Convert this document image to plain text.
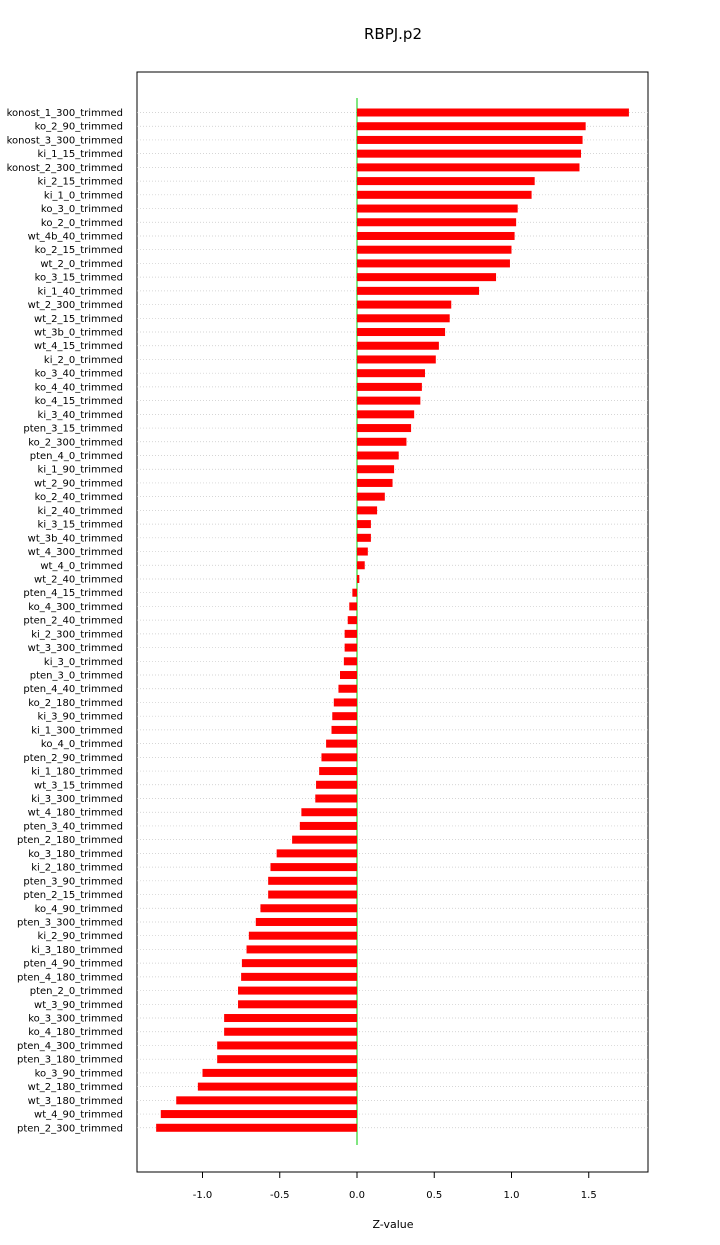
RBPJ.p2
konost_1_300_trimmed
ko_2_90_trimmed
konost_3_300_trimmed
ki_1_15_trimmed
konost_2_300_trimmed
ki_2_15_trimmed
ki_1_0_trimmed
ko_3_0_trimmed
ko_2_0_trimmed
wt_4b_40_trimmed
ko_2_15_trimmed
wt_2_0_trimmed
ko_3_15_trimmed
ki_1_40_trimmed
wt_2_300_trimmed
wt_2_15_trimmed
wt_3b_0_trimmed
wt_4_15_trimmed
ki_2_0_trimmed
ko_3_40_trimmed
ko_4_40_trimmed
ko_4_15_trimmed
ki_3_40_trimmed
pten_3_15_trimmed
ko_2_300_trimmed
pten_4_0_trimmed
ki_1_90_trimmed
wt_2_90_trimmed
ko_2_40_trimmed
ki_2_40_trimmed
ki_3_15_trimmed
wt_3b_40_trimmed
wt_4_300_trimmed
wt_4_0_trimmed
wt_2_40_trimmed
pten_4_15_trimmed
ko_4_300_trimmed
pten_2_40_trimmed
ki_2_300_trimmed
wt_3_300_trimmed
ki_3_0_trimmed
pten_3_0_trimmed
pten_4_40_trimmed
ko_2_180_trimmed
ki_3_90_trimmed
ki_1_300_trimmed
ko_4_0_trimmed
pten_2_90_trimmed
ki_1_180_trimmed
wt_3_15_trimmed
ki_3_300_trimmed
wt_4_180_trimmed
pten_3_40_trimmed
pten_2_180_trimmed
ko_3_180_trimmed
ki_2_180_trimmed
pten_3_90_trimmed
pten_2_15_trimmed
ko_4_90_trimmed
pten_3_300_trimmed
ki_2_90_trimmed
ki_3_180_trimmed
pten_4_90_trimmed
pten_4_180_trimmed
pten_2_0_trimmed
wt_3_90_trimmed
ko_3_300_trimmed
ko_4_180_trimmed
pten_4_300_trimmed
pten_3_180_trimmed
ko_3_90_trimmed
wt_2_180_trimmed
wt_3_180_trimmed
wt_4_90_trimmed
pten_2_300_trimmed
-1.0	-0.5	0.0	0.5	1.0	1.5
Z-value
